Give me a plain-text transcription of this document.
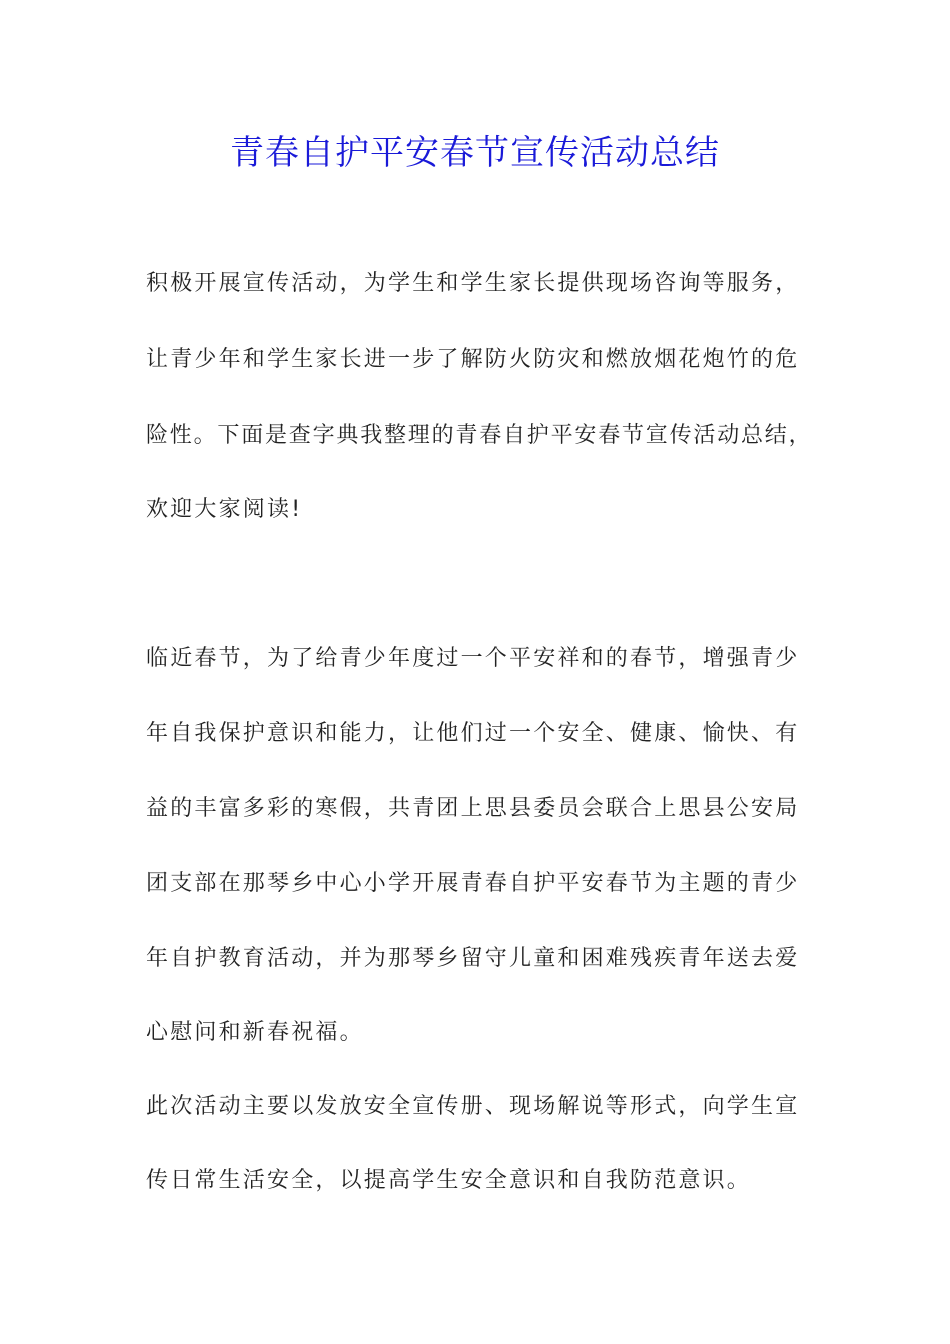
青春自护平安春节宣传活动总结
积极开展宣传活动，为学生和学生家长提供现场咨询等服务，
让青少年和学生家长进一步了解防火防灾和燃放烟花炮竹的危
险性。下面是查字典我整理的青春自护平安春节宣传活动总结，
欢迎大家阅读!
临近春节，为了给青少年度过一个平安祥和的春节，增强青少
年自我保护意识和能力，让他们过一个安全、健康、愉快、有
益的丰富多彩的寒假，共青团上思县委员会联合上思县公安局
团支部在那琴乡中心小学开展青春自护平安春节为主题的青少
年自护教育活动，并为那琴乡留守儿童和困难残疾青年送去爱
心慰问和新春祝福。
此次活动主要以发放安全宣传册、现场解说等形式，向学生宣
传日常生活安全，以提高学生安全意识和自我防范意识。
